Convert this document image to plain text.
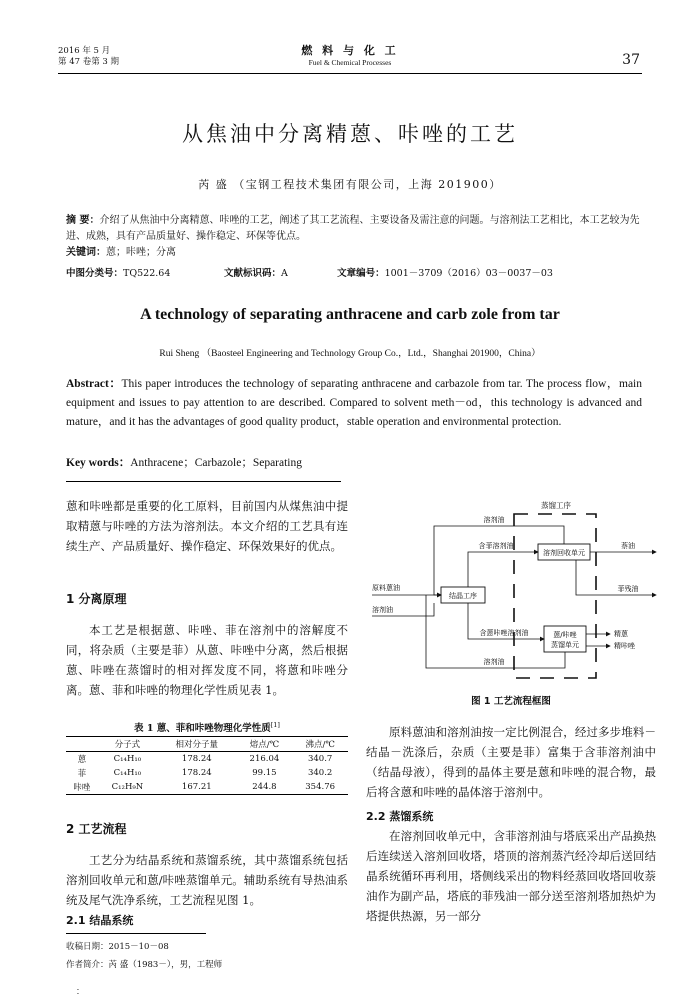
2016 年 5 月
第 47 卷第 3 期
燃 料 与 化 工
Fuel & Chemical Processes	37
从焦油中分离精蒽、咔唑的工艺
芮 盛 （宝钢工程技术集团有限公司，上海 201900）
摘 要：介绍了从焦油中分离精蒽、咔唑的工艺，阐述了其工艺流程、主要设备及需注意的问题。与溶剂法工艺相比，本工艺较为先进、成熟，具有产品质量好、操作稳定、环保等优点。
关键词：蒽；咔唑；分离
中图分类号：TQ522.64	文献标识码：A	文章编号：1001－3709（2016）03－0037－03
A technology of separating anthracene and carb zole from tar
Rui Sheng （Baosteel Engineering and Technology Group Co.，Ltd.，Shanghai 201900，China）
Abstract：This paper introduces the technology of separating anthracene and carbazole from tar. The process flow，main equipment and issues to pay attention to are described. Compared to solvent meth－od，this technology is advanced and mature，and it has the advantages of good quality product，stable operation and environmental protection.
Key words：Anthracene；Carbazole；Separating
蒽和咔唑都是重要的化工原料，目前国内从煤焦油中提取精蒽与咔唑的方法为溶剂法。本文介绍的工艺具有连续生产、产品质量好、操作稳定、环保效果好的优点。
1 分离原理
本工艺是根据蒽、咔唑、菲在溶剂中的溶解度不同，将杂质（主要是菲）从蒽、咔唑中分离，然后根据蒽、咔唑在蒸馏时的相对挥发度不同，将蒽和咔唑分离。蒽、菲和咔唑的物理化学性质见表 1。
表 1 蒽、菲和咔唑物理化学性质[1]
	分子式	相对分子量	熔点/℃	沸点/℃
蒽	C₁₄H₁₀	178.24	216.04	340.7
菲	C₁₄H₁₀	178.24	99.15	340.2
咔唑	C₁₂H₉N	167.21	244.8	354.76
2 工艺流程
工艺分为结晶系统和蒸馏系统，其中蒸馏系统包括溶剂回收单元和蒽/咔唑蒸馏单元。辅助系统有导热油系统及尾气洗净系统，工艺流程见图 1。
2.1 结晶系统
收稿日期：2015－10－08
作者简介：芮 盛（1983－），男，工程师
：
蒸馏工序
结晶工序
溶剂回收单元
蒽/咔唑
蒸馏单元
溶剂油
含菲溶剂油	萘油
菲残油
原料蒽油
溶剂油
含蒽咔唑溶剂油	精蒽
精咔唑
溶剂油
图 1 工艺流程框图
原料蒽油和溶剂油按一定比例混合，经过多步堆料－结晶－洗涤后，杂质（主要是菲）富集于含菲溶剂油中（结晶母液），得到的晶体主要是蒽和咔唑的混合物，最后将含蒽和咔唑的晶体溶于溶剂中。
2.2 蒸馏系统
在溶剂回收单元中，含菲溶剂油与塔底采出产品换热后连续送入溶剂回收塔，塔顶的溶剂蒸汽经冷却后送回结晶系统循环再利用，塔侧线采出的物料经蒸回收塔回收萘油作为副产品，塔底的菲残油一部分送至溶剂塔加热炉为塔提供热源，另一部分
